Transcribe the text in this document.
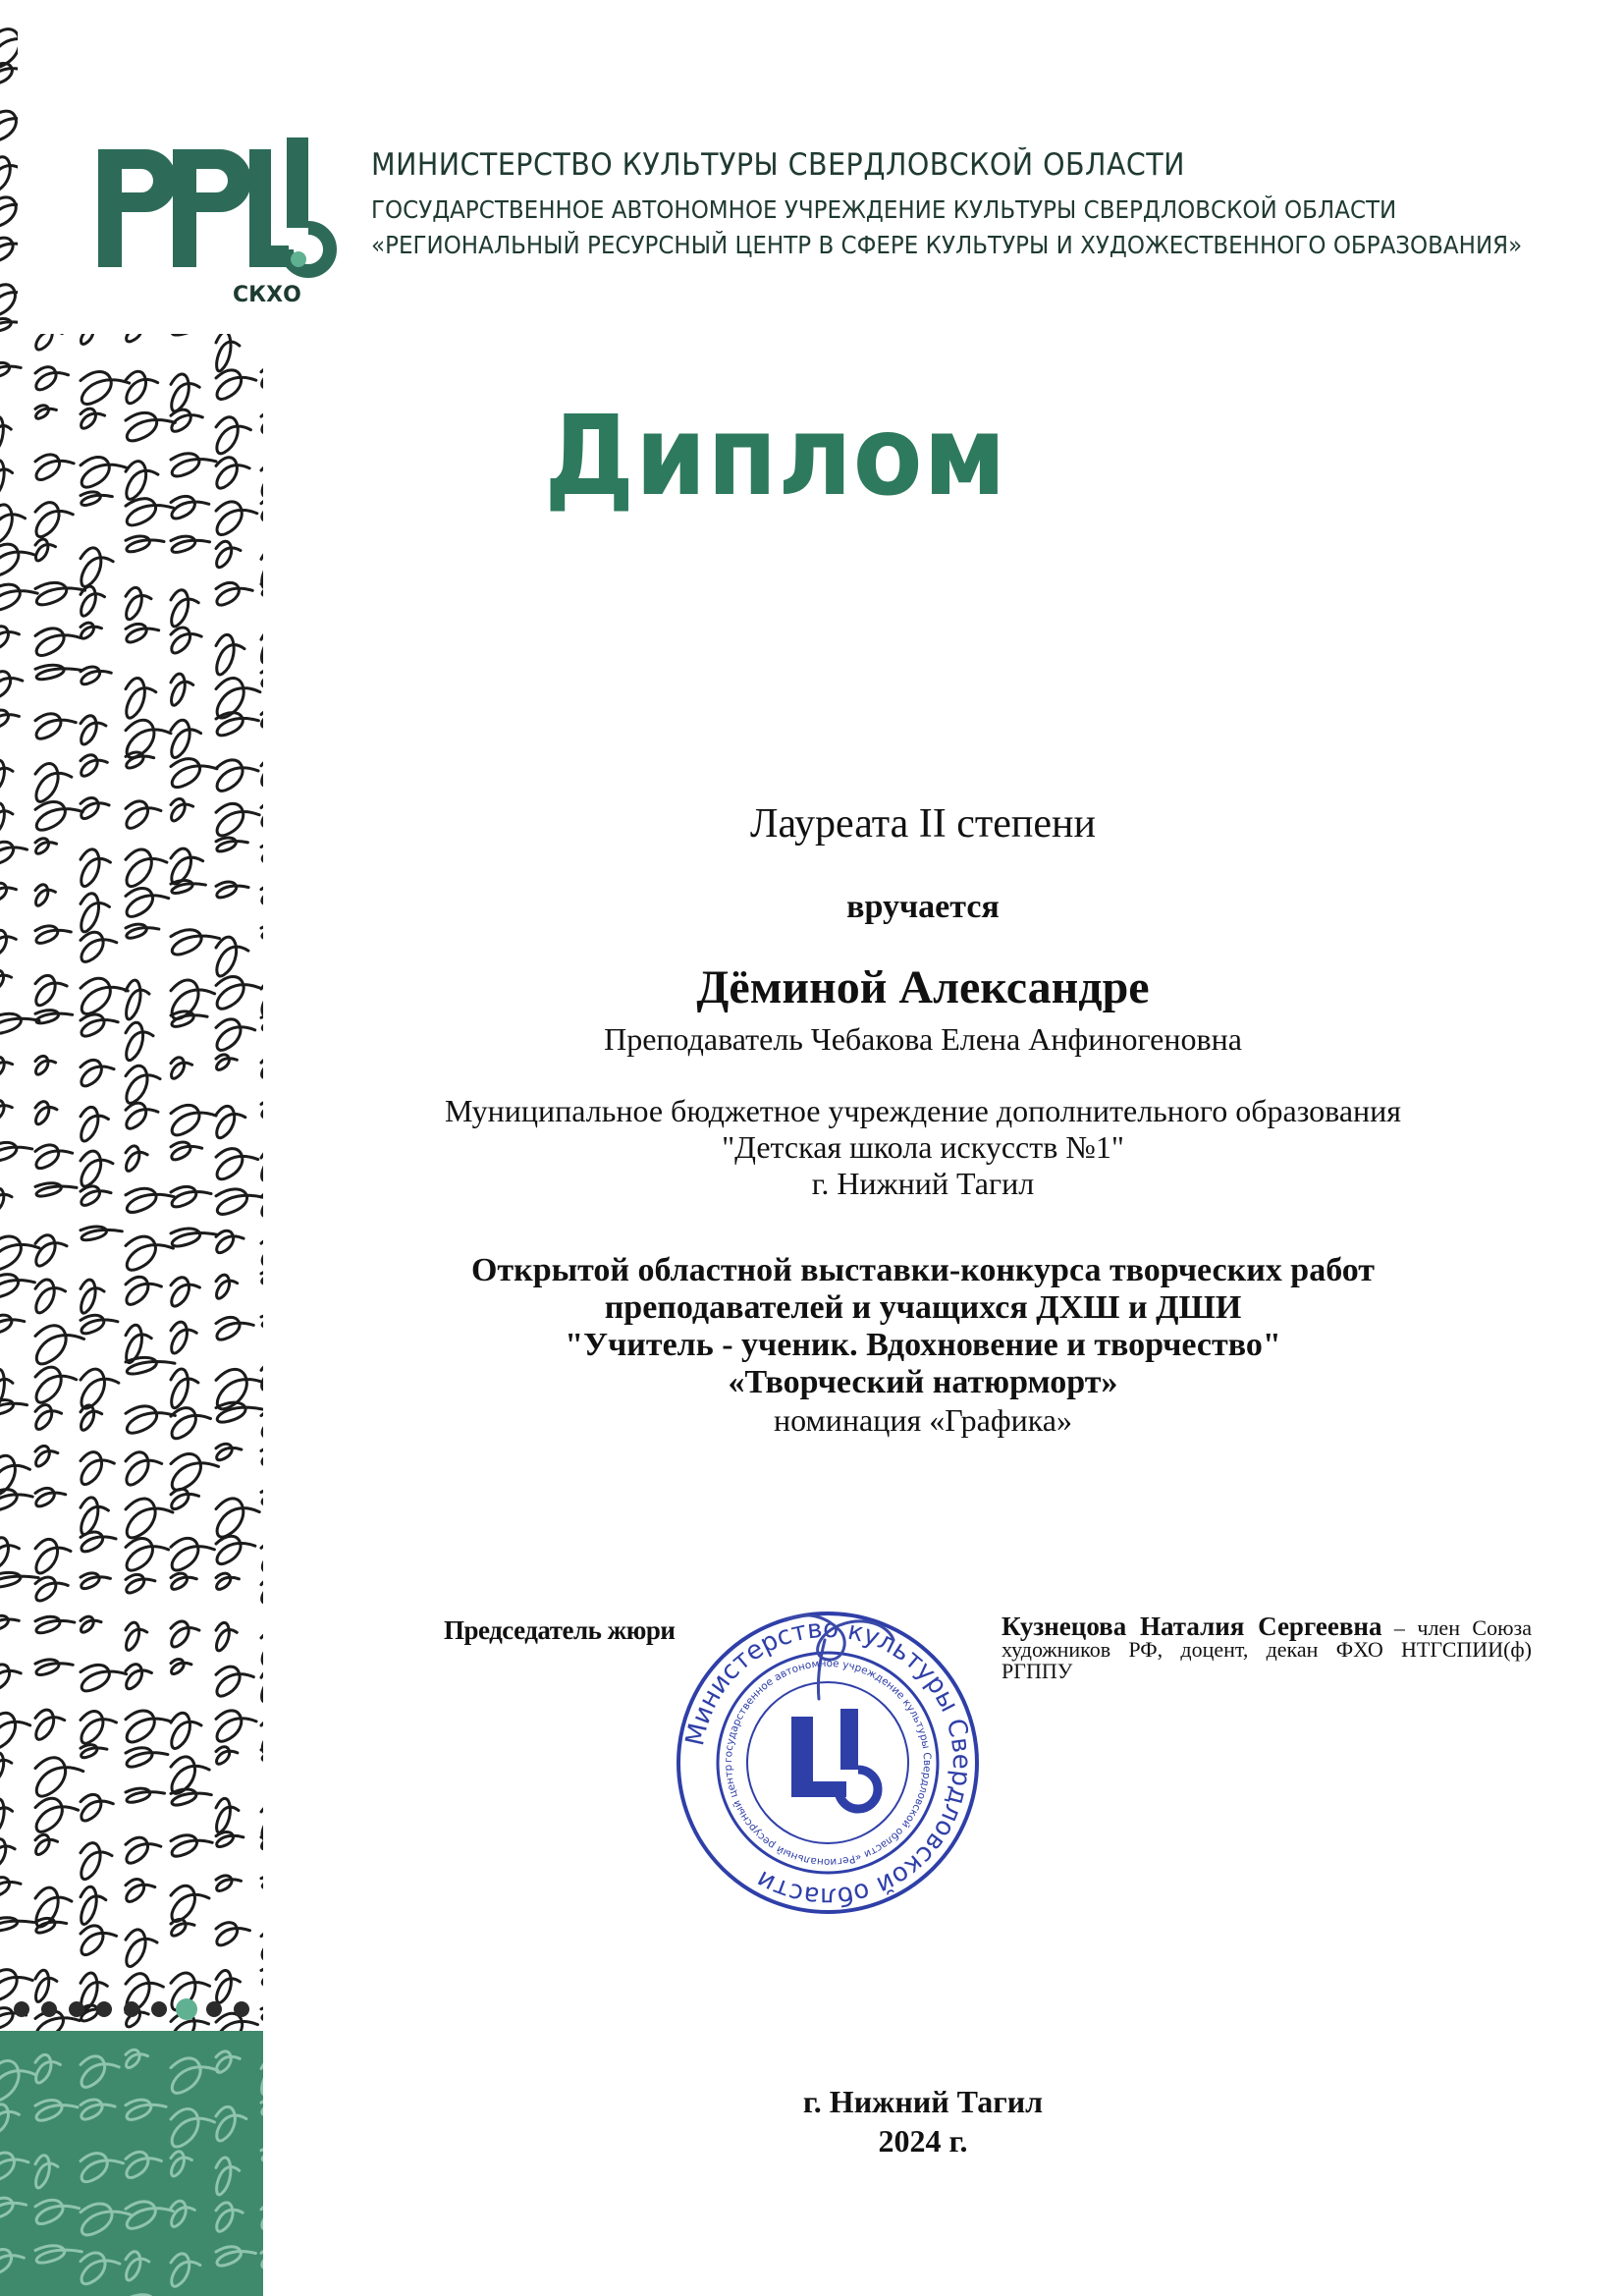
СКХО
МИНИСТЕРСТВО КУЛЬТУРЫ СВЕРДЛОВСКОЙ ОБЛАСТИ
ГОСУДАРСТВЕННОЕ АВТОНОМНОЕ УЧРЕЖДЕНИЕ КУЛЬТУРЫ СВЕРДЛОВСКОЙ ОБЛАСТИ
«РЕГИОНАЛЬНЫЙ РЕСУРСНЫЙ ЦЕНТР В СФЕРЕ КУЛЬТУРЫ И ХУДОЖЕСТВЕННОГО ОБРАЗОВАНИЯ»
Диплом
Лауреата II степени
вручается
Дёминой Александре
Преподаватель Чебакова Елена Анфиногеновна
Муниципальное бюджетное учреждение дополнительного образования
"Детская школа искусств №1"
г. Нижний Тагил
Открытой областной выставки-конкурса творческих работ
преподавателей и учащихся ДХШ и ДШИ
"Учитель - ученик. Вдохновение и творчество"
«Творческий натюрморт»
номинация «Графика»
Председатель жюри	Кузнецова Наталия Сергеевна – член Союза художников РФ, доцент, декан ФХО НТГСПИИ(ф) РГППУ
Министерство культуры Свердловской области
государственное автономное учреждение культуры Свердловской области «Региональный ресурсный центр
г. Нижний Тагил
2024 г.
